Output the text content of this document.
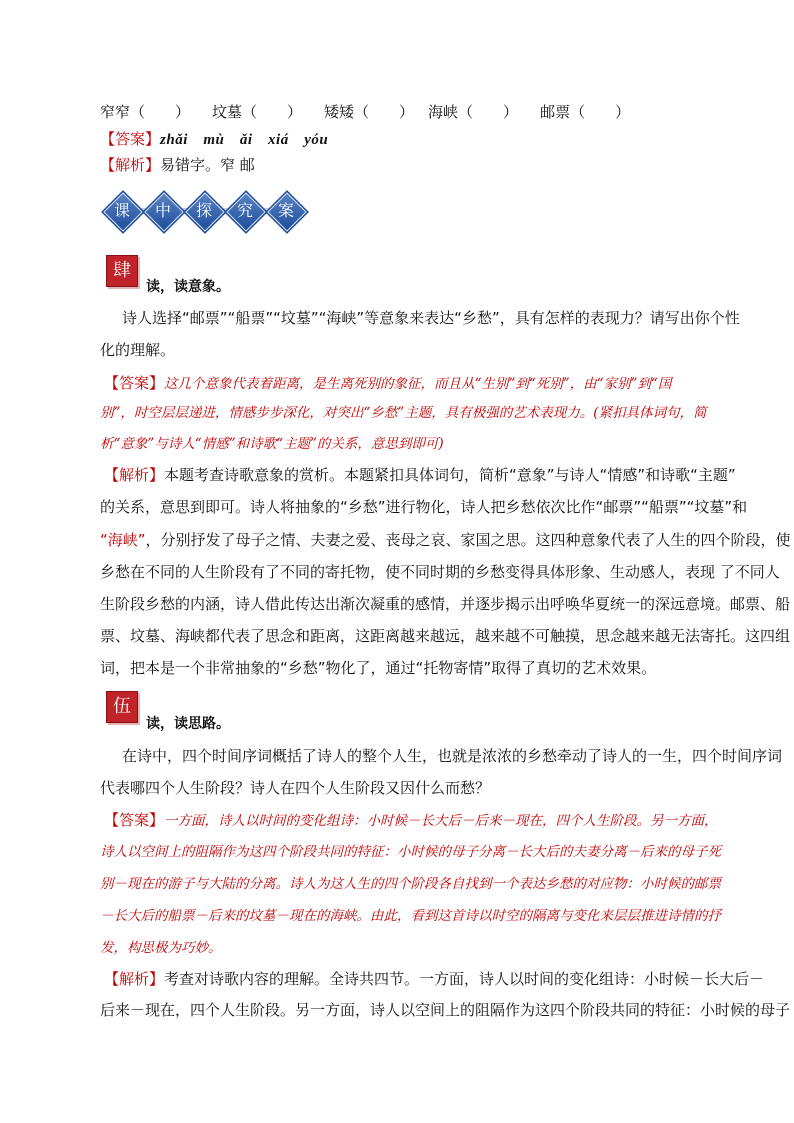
窄窄（　　） 坟墓（　　） 矮矮（　　） 海峡（　　） 邮票（　　）
【答案】zhǎi　mù　ǎi　xiá　yóu
【解析】易错字。窄 邮
课	中	探	究	案
肆
读，读意象。
诗人选择“邮票”“船票”“坟墓”“海峡”等意象来表达“乡愁”，具有怎样的表现力？请写出你个性
化的理解。
【答案】这几个意象代表着距离，是生离死别的象征，而且从“生别”到“死别”，由“家别”到“国
别”，时空层层递进，情感步步深化，对突出“乡愁”主题，具有极强的艺术表现力。(紧扣具体词句，简
析“意象”与诗人“情感”和诗歌“主题”的关系，意思到即可)
【解析】本题考查诗歌意象的赏析。本题紧扣具体词句，简析“意象”与诗人“情感”和诗歌“主题”
的关系，意思到即可。诗人将抽象的“乡愁”进行物化，诗人把乡愁依次比作“邮票”“船票”“坟墓”和
“海峡”，分别抒发了母子之情、夫妻之爱、丧母之哀、家国之思。这四种意象代表了人生的四个阶段，使
乡愁在不同的人生阶段有了不同的寄托物，使不同时期的乡愁变得具体形象、生动感人，表现 了不同人
生阶段乡愁的内涵，诗人借此传达出渐次凝重的感情，并逐步揭示出呼唤华夏统一的深远意境。邮票、船
票、坟墓、海峡都代表了思念和距离，这距离越来越远，越来越不可触摸，思念越来越无法寄托。这四组
词，把本是一个非常抽象的“乡愁”物化了，通过“托物寄情”取得了真切的艺术效果。
伍
读，读思路。
在诗中，四个时间序词概括了诗人的整个人生，也就是浓浓的乡愁牵动了诗人的一生，四个时间序词
代表哪四个人生阶段？诗人在四个人生阶段又因什么而愁？
【答案】一方面，诗人以时间的变化组诗：小时候－长大后－后来－现在，四个人生阶段。另一方面，
诗人以空间上的阻隔作为这四个阶段共同的特征：小时候的母子分离－长大后的夫妻分离－后来的母子死
别－现在的游子与大陆的分离。诗人为这人生的四个阶段各自找到一个表达乡愁的对应物：小时候的邮票
－长大后的船票－后来的坟墓－现在的海峡。由此，看到这首诗以时空的隔离与变化来层层推进诗情的抒
发，构思极为巧妙。
【解析】考查对诗歌内容的理解。全诗共四节。一方面，诗人以时间的变化组诗：小时候－长大后－
后来－现在，四个人生阶段。另一方面，诗人以空间上的阻隔作为这四个阶段共同的特征：小时候的母子
